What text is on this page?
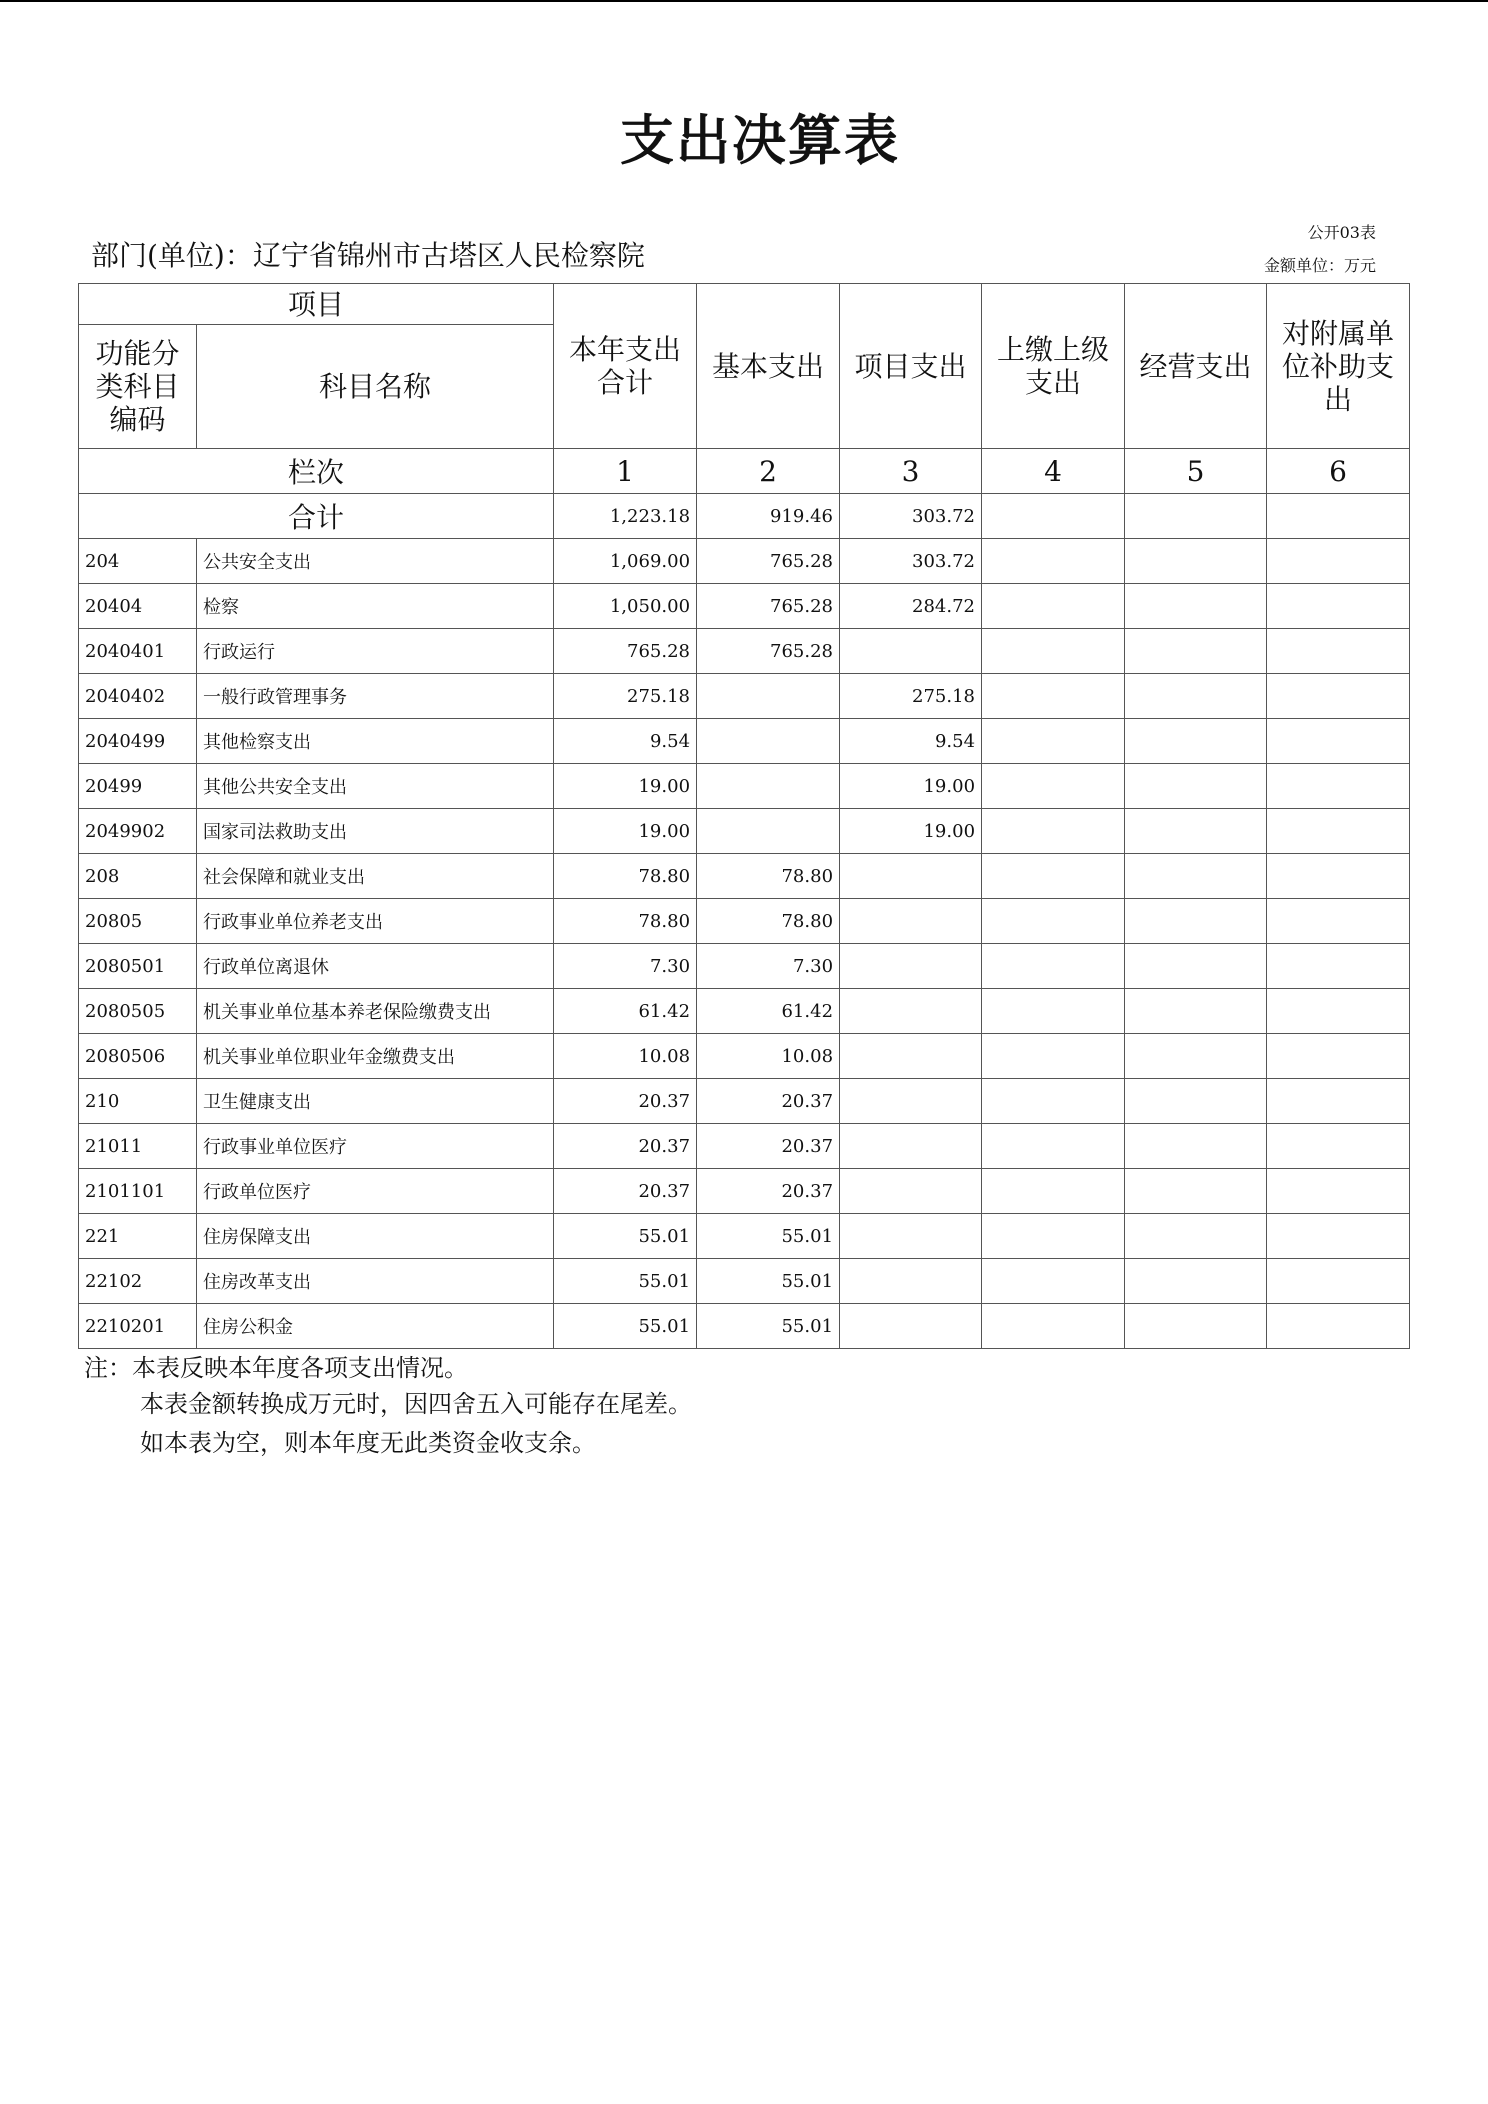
支出决算表
公开03表
金额单位：万元
部门(单位)：辽宁省锦州市古塔区人民检察院
项目		本年支出合计	基本支出	项目支出	上缴上级支出	经营支出	对附属单位补助支出
功能分类科目编码	科目名称						
栏次		1	2	3	4	5	6
合计		1,223.18	919.46	303.72			
204	公共安全支出	1,069.00	765.28	303.72			
20404	检察	1,050.00	765.28	284.72			
2040401	行政运行	765.28	765.28				
2040402	一般行政管理事务	275.18		275.18			
2040499	其他检察支出	9.54		9.54			
20499	其他公共安全支出	19.00		19.00			
2049902	国家司法救助支出	19.00		19.00			
208	社会保障和就业支出	78.80	78.80				
20805	行政事业单位养老支出	78.80	78.80				
2080501	行政单位离退休	7.30	7.30				
2080505	机关事业单位基本养老保险缴费支出	61.42	61.42				
2080506	机关事业单位职业年金缴费支出	10.08	10.08				
210	卫生健康支出	20.37	20.37				
21011	行政事业单位医疗	20.37	20.37				
2101101	行政单位医疗	20.37	20.37				
221	住房保障支出	55.01	55.01				
22102	住房改革支出	55.01	55.01				
2210201	住房公积金	55.01	55.01				
注：本表反映本年度各项支出情况。
本表金额转换成万元时，因四舍五入可能存在尾差。
如本表为空，则本年度无此类资金收支余。
